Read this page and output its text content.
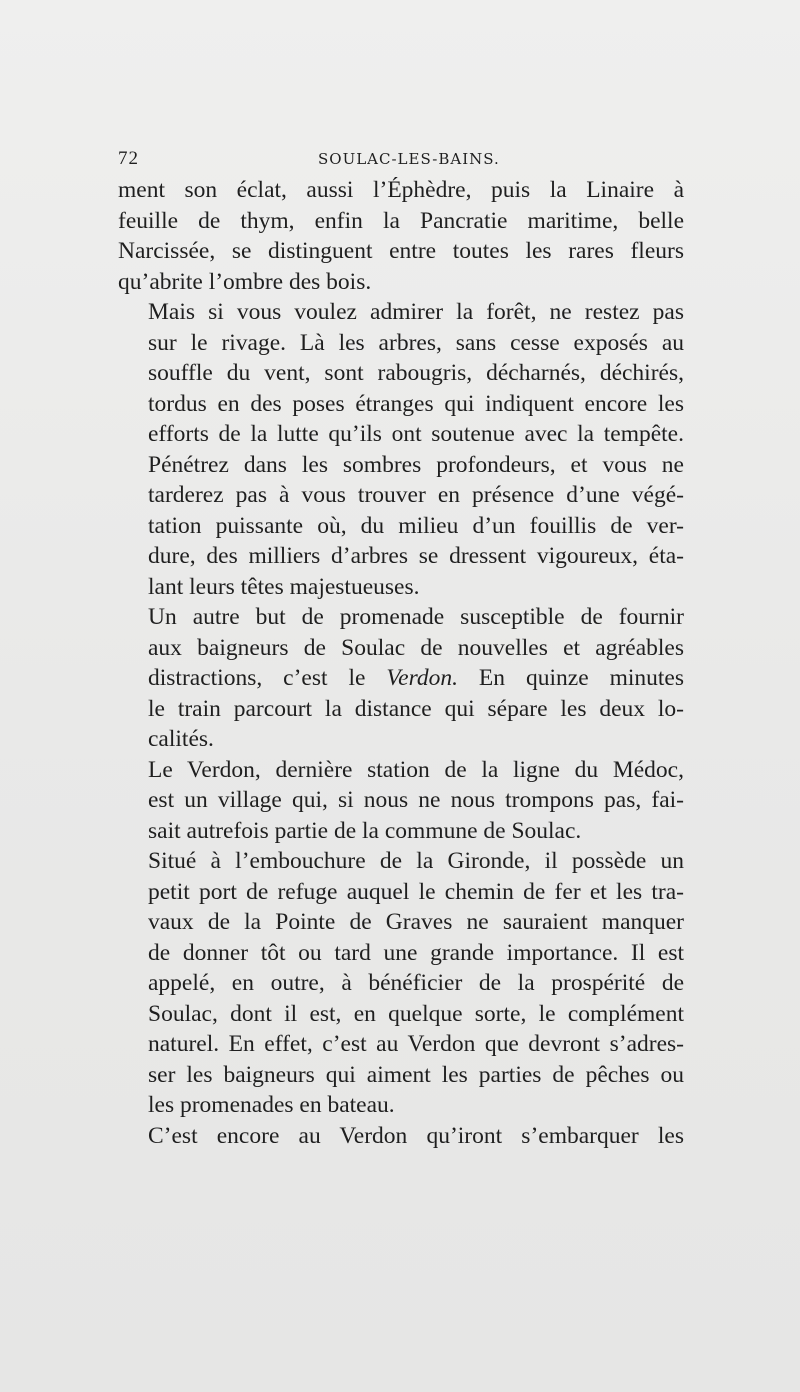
72	SOULAC-LES-BAINS.

ment son éclat, aussi l’Éphèdre, puis la Linaire à
feuille de thym, enfin la Pancratie maritime, belle
Narcissée, se distinguent entre toutes les rares fleurs
qu’abrite l’ombre des bois.

Mais si vous voulez admirer la forêt, ne restez pas
sur le rivage. Là les arbres, sans cesse exposés au
souffle du vent, sont rabougris, décharnés, déchirés,
tordus en des poses étranges qui indiquent encore les
efforts de la lutte qu’ils ont soutenue avec la tempête.
Pénétrez dans les sombres profondeurs, et vous ne
tarderez pas à vous trouver en présence d’une végé-
tation puissante où, du milieu d’un fouillis de ver-
dure, des milliers d’arbres se dressent vigoureux, éta-
lant leurs têtes majestueuses.

Un autre but de promenade susceptible de fournir
aux baigneurs de Soulac de nouvelles et agréables
distractions, c’est le Verdon. En quinze minutes
le train parcourt la distance qui sépare les deux lo-
calités.

Le Verdon, dernière station de la ligne du Médoc,
est un village qui, si nous ne nous trompons pas, fai-
sait autrefois partie de la commune de Soulac.

Situé à l’embouchure de la Gironde, il possède un
petit port de refuge auquel le chemin de fer et les tra-
vaux de la Pointe de Graves ne sauraient manquer
de donner tôt ou tard une grande importance. Il est
appelé, en outre, à bénéficier de la prospérité de
Soulac, dont il est, en quelque sorte, le complément
naturel. En effet, c’est au Verdon que devront s’adres-
ser les baigneurs qui aiment les parties de pêches ou
les promenades en bateau.

C’est encore au Verdon qu’iront s’embarquer les
